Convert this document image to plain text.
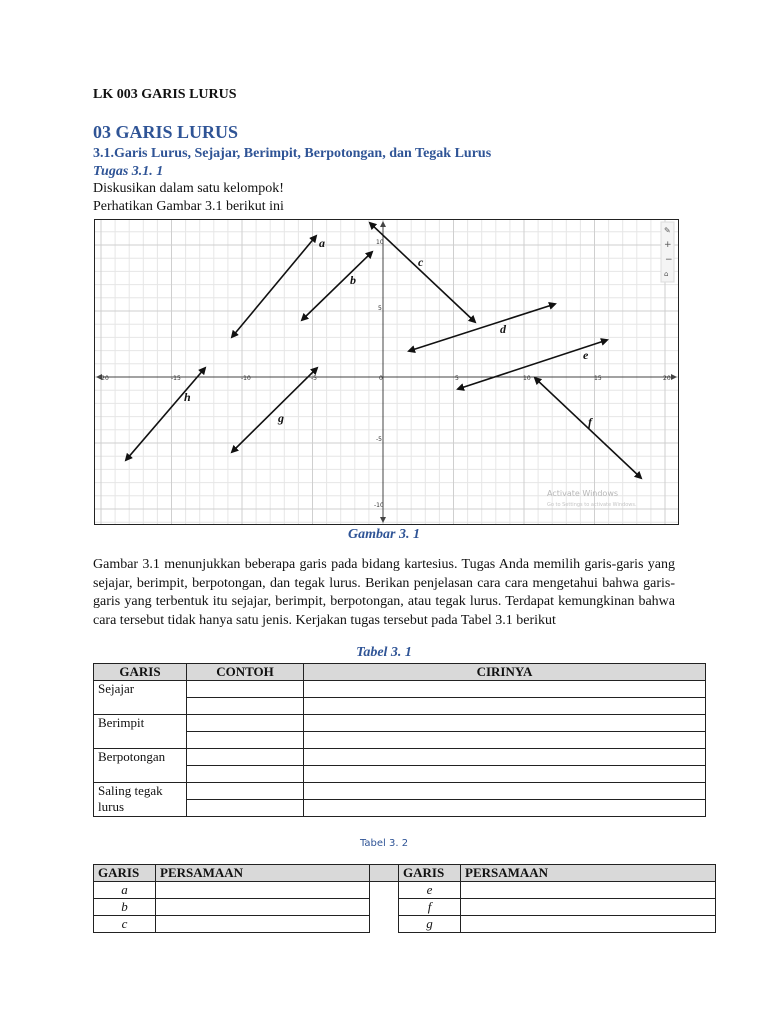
LK 003 GARIS LURUS
03 GARIS LURUS
3.1.Garis Lurus, Sejajar, Berimpit, Berpotongan, dan Tegak Lurus
Tugas 3.1. 1
Diskusikan dalam satu kelompok!
Perhatikan Gambar 3.1 berikut ini
-20	-15	-10	-5	0	5	10	15	20
10
5
-5
-10
a
b
c
d
e
f
g
h
✎
+
−
⌂
Activate Windows
Go to Settings to activate Windows.
Gambar 3. 1
Gambar 3.1 menunjukkan beberapa garis pada bidang kartesius. Tugas Anda memilih garis-garis yang sejajar, berimpit, berpotongan, dan tegak lurus. Berikan penjelasan cara cara mengetahui bahwa garis-garis yang terbentuk itu sejajar, berimpit, berpotongan, atau tegak lurus. Terdapat kemungkinan bahwa cara tersebut tidak hanya satu jenis. Kerjakan tugas tersebut pada Tabel 3.1 berikut
Tabel 3. 1
GARIS	CONTOH	CIRINYA
Sejajar		

Berimpit		

Berpotongan		

Saling tegak lurus		

Tabel 3. 2
GARIS	PERSAMAAN		GARIS	PERSAMAAN
a			e	
b			f	
c			g	
